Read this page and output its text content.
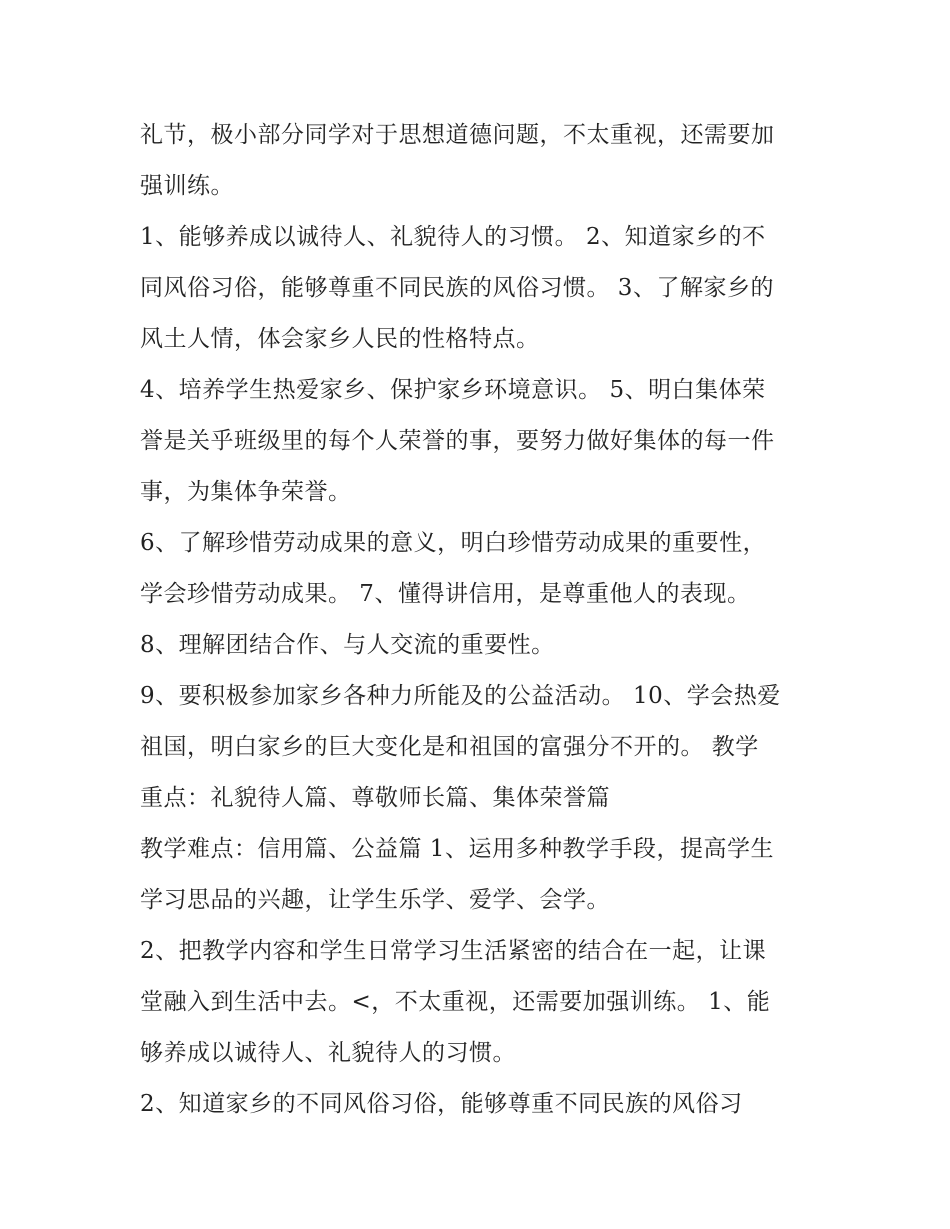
礼节，极小部分同学对于思想道德问题，不太重视，还需要加
强训练。
1、能够养成以诚待人、礼貌待人的习惯。 2、知道家乡的不
同风俗习俗，能够尊重不同民族的风俗习惯。 3、了解家乡的
风土人情，体会家乡人民的性格特点。
4、培养学生热爱家乡、保护家乡环境意识。 5、明白集体荣
誉是关乎班级里的每个人荣誉的事，要努力做好集体的每一件
事，为集体争荣誉。
6、了解珍惜劳动成果的意义，明白珍惜劳动成果的重要性，
学会珍惜劳动成果。 7、懂得讲信用，是尊重他人的表现。
8、理解团结合作、与人交流的重要性。
9、要积极参加家乡各种力所能及的公益活动。 10、学会热爱
祖国，明白家乡的巨大变化是和祖国的富强分不开的。 教学
重点：礼貌待人篇、尊敬师长篇、集体荣誉篇
教学难点：信用篇、公益篇 1、运用多种教学手段，提高学生
学习思品的兴趣，让学生乐学、爱学、会学。
2、把教学内容和学生日常学习生活紧密的结合在一起，让课
堂融入到生活中去。<，不太重视，还需要加强训练。 1、能
够养成以诚待人、礼貌待人的习惯。
2、知道家乡的不同风俗习俗，能够尊重不同民族的风俗习
